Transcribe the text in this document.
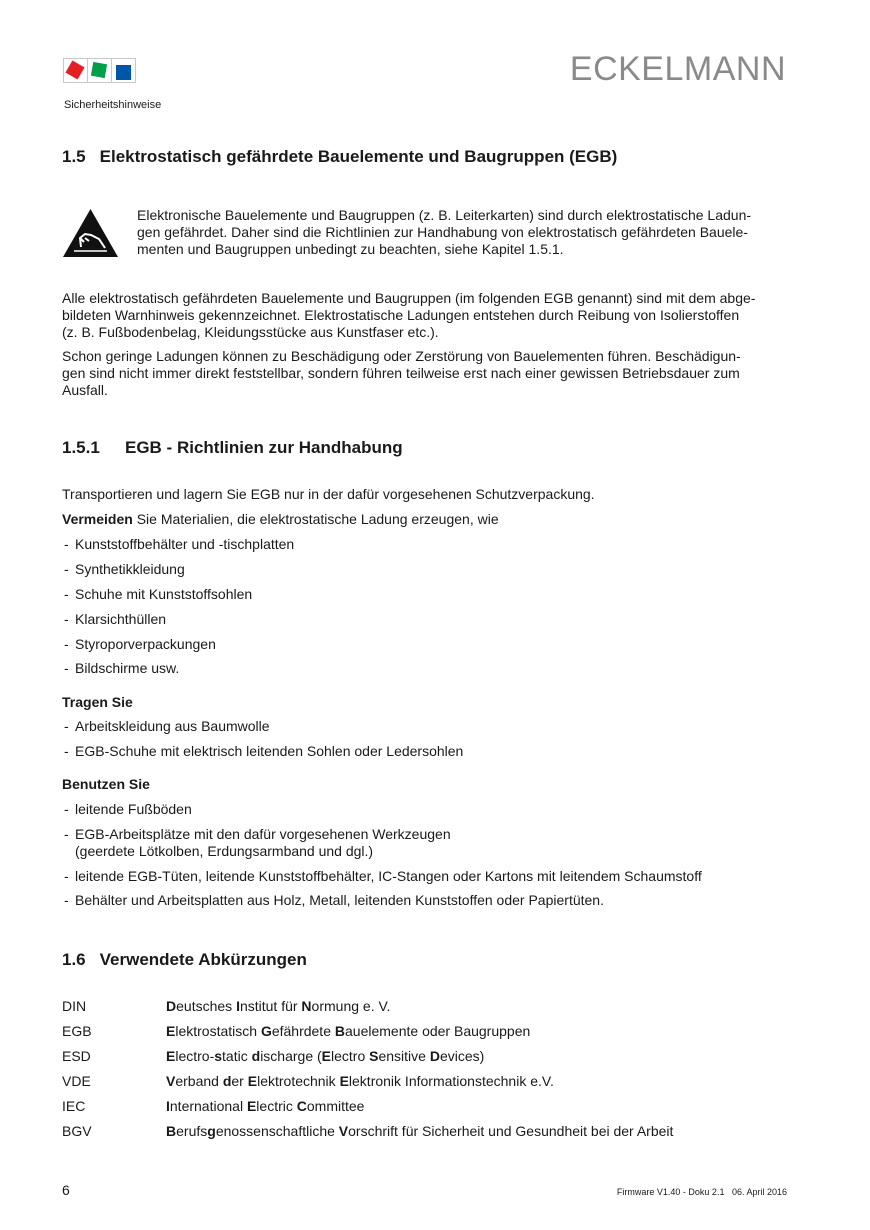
ECKELMANN
Sicherheitshinweise
1.5 Elektrostatisch gefährdete Bauelemente und Baugruppen (EGB)

Elektronische Bauelemente und Baugruppen (z. B. Leiterkarten) sind durch elektrostatische Ladun-
gen gefährdet. Daher sind die Richtlinien zur Handhabung von elektrostatisch gefährdeten Bauele-
menten und Baugruppen unbedingt zu beachten, siehe Kapitel 1.5.1.

Alle elektrostatisch gefährdeten Bauelemente und Baugruppen (im folgenden EGB genannt) sind mit dem abge-
bildeten Warnhinweis gekennzeichnet. Elektrostatische Ladungen entstehen durch Reibung von Isolierstoffen
(z. B. Fußbodenbelag, Kleidungsstücke aus Kunstfaser etc.).

Schon geringe Ladungen können zu Beschädigung oder Zerstörung von Bauelementen führen. Beschädigun-
gen sind nicht immer direkt feststellbar, sondern führen teilweise erst nach einer gewissen Betriebsdauer zum
Ausfall.

1.5.1 EGB - Richtlinien zur Handhabung

Transportieren und lagern Sie EGB nur in der dafür vorgesehenen Schutzverpackung.

Vermeiden Sie Materialien, die elektrostatische Ladung erzeugen, wie

- Kunststoffbehälter und -tischplatten
- Synthetikkleidung
- Schuhe mit Kunststoffsohlen
- Klarsichthüllen
- Styroporverpackungen
- Bildschirme usw.

Tragen Sie

- Arbeitskleidung aus Baumwolle
- EGB-Schuhe mit elektrisch leitenden Sohlen oder Ledersohlen

Benutzen Sie

- leitende Fußböden
- EGB-Arbeitsplätze mit den dafür vorgesehenen Werkzeugen
(geerdete Lötkolben, Erdungsarmband und dgl.)
- leitende EGB-Tüten, leitende Kunststoffbehälter, IC-Stangen oder Kartons mit leitendem Schaumstoff
- Behälter und Arbeitsplatten aus Holz, Metall, leitenden Kunststoffen oder Papiertüten.
1.6 Verwendete Abkürzungen
DIN	Deutsches Institut für Normung e. V.
EGB	Elektrostatisch Gefährdete Bauelemente oder Baugruppen
ESD	Electro-static discharge (Electro Sensitive Devices)
VDE	Verband der Elektrotechnik Elektronik Informationstechnik e.V.
IEC	International Electric Committee
BGV	Berufsgenossenschaftliche Vorschrift für Sicherheit und Gesundheit bei der Arbeit
6	Firmware V1.40 - Doku 2.1   06. April 2016
